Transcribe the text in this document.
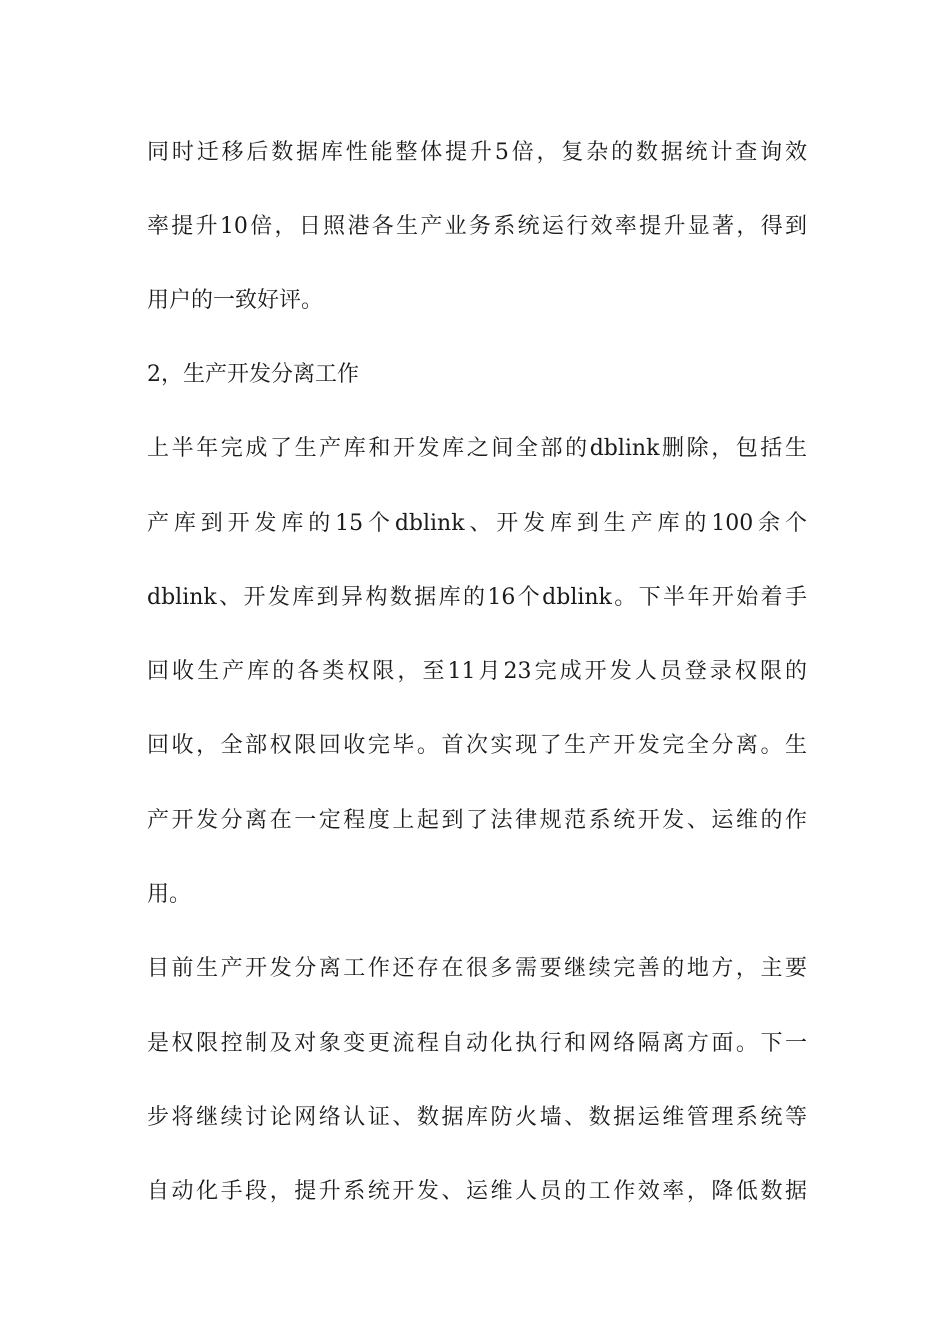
同时迁移后数据库性能整体提升5倍，复杂的数据统计查询效
率提升10倍，日照港各生产业务系统运行效率提升显著，得到
用户的一致好评。
2，生产开发分离工作
上半年完成了生产库和开发库之间全部的dblink删除，包括生
产库到开发库的15个dblink、开发库到生产库的100余个
dblink、开发库到异构数据库的16个dblink。下半年开始着手
回收生产库的各类权限，至11月23完成开发人员登录权限的
回收，全部权限回收完毕。首次实现了生产开发完全分离。生
产开发分离在一定程度上起到了法律规范系统开发、运维的作
用。
目前生产开发分离工作还存在很多需要继续完善的地方，主要
是权限控制及对象变更流程自动化执行和网络隔离方面。下一
步将继续讨论网络认证、数据库防火墙、数据运维管理系统等
自动化手段，提升系统开发、运维人员的工作效率，降低数据
